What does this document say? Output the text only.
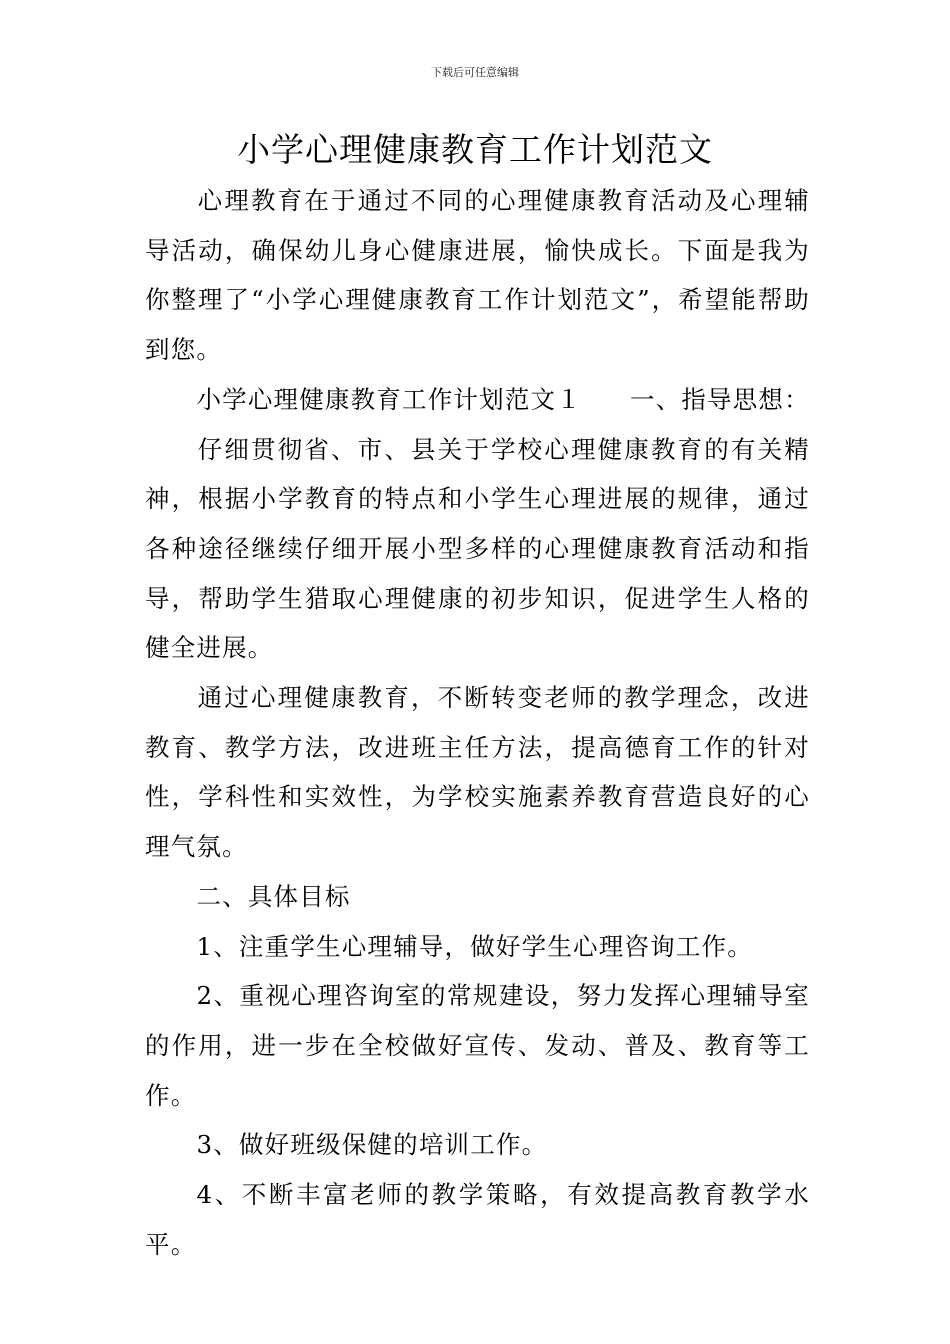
下载后可任意编辑
小学心理健康教育工作计划范文

心理教育在于通过不同的心理健康教育活动及心理辅导活动，确保幼儿身心健康进展，愉快成长。下面是我为你整理了“小学心理健康教育工作计划范文”，希望能帮助到您。

小学心理健康教育工作计划范文１ 一、指导思想：

仔细贯彻省、市、县关于学校心理健康教育的有关精神，根据小学教育的特点和小学生心理进展的规律，通过各种途径继续仔细开展小型多样的心理健康教育活动和指导，帮助学生猎取心理健康的初步知识，促进学生人格的健全进展。

通过心理健康教育，不断转变老师的教学理念，改进教育、教学方法，改进班主任方法，提高德育工作的针对性，学科性和实效性，为学校实施素养教育营造良好的心理气氛。

二、具体目标

1、注重学生心理辅导，做好学生心理咨询工作。

2、重视心理咨询室的常规建设，努力发挥心理辅导室的作用，进一步在全校做好宣传、发动、普及、教育等工作。

3、做好班级保健的培训工作。

4、不断丰富老师的教学策略，有效提高教育教学水平。
